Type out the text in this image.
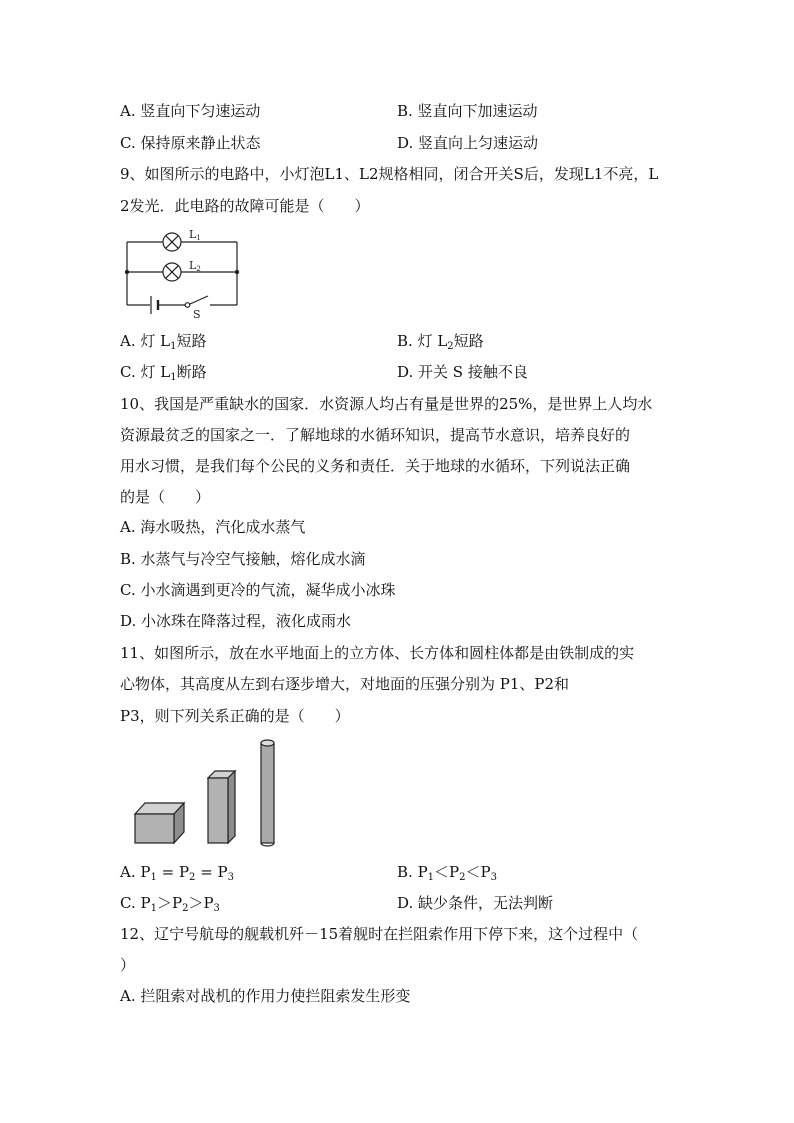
A. 竖直向下匀速运动	B. 竖直向下加速运动
C. 保持原来静止状态	D. 竖直向上匀速运动
9、如图所示的电路中，小灯泡L1、L2规格相同，闭合开关S后，发现L1不亮，L
2发光．此电路的故障可能是（　　）
L1
L2
S
A. 灯 $L_1$短路	B. 灯 $L_2$短路
C. 灯 $L_1$断路	D. 开关 S 接触不良
10、我国是严重缺水的国家．水资源人均占有量是世界的25%，是世界上人均水
资源最贫乏的国家之一．了解地球的水循环知识，提高节水意识，培养良好的
用水习惯，是我们每个公民的义务和责任．关于地球的水循环，下列说法正确
的是（　　）
A. 海水吸热，汽化成水蒸气
B. 水蒸气与冷空气接触，熔化成水滴
C. 小水滴遇到更冷的气流，凝华成小冰珠
D. 小冰珠在降落过程，液化成雨水
11、如图所示，放在水平地面上的立方体、长方体和圆柱体都是由铁制成的实
心物体，其高度从左到右逐步增大，对地面的压强分别为 P1、P2和
P3，则下列关系正确的是（　　）
A. $P_1 = P_2 = P_3$	B. $P_1<P_2<P_3$
C. $P_1>P_2>P_3$	D. 缺少条件，无法判断
12、辽宁号航母的舰载机歼－15着舰时在拦阻索作用下停下来，这个过程中（
）
A. 拦阻索对战机的作用力使拦阻索发生形变
